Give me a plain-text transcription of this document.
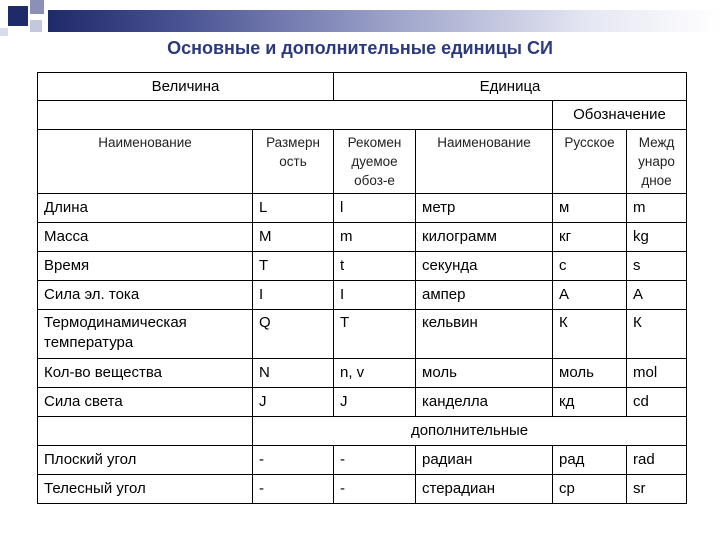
Основные и дополнительные единицы СИ
Величина		Единица			
				Обозначение	
Наименование	Размерн ость	Рекомен дуемое обоз-е	Наименование	Русское	Межд унаро дное
Длина	L	l	метр	м	m
Масса	M	m	килограмм	кг	kg
Время	T	t	секунда	с	s
Сила эл. тока	I	I	ампер	А	A
Термодинамическая температура	Q	T	кельвин	К	К
Кол-во вещества	N	n, v	моль	моль	mol
Сила света	J	J	канделла	кд	cd
	дополнительные				
Плоский угол	-	-	радиан	рад	rad
Телесный угол	-	-	стерадиан	ср	sr
